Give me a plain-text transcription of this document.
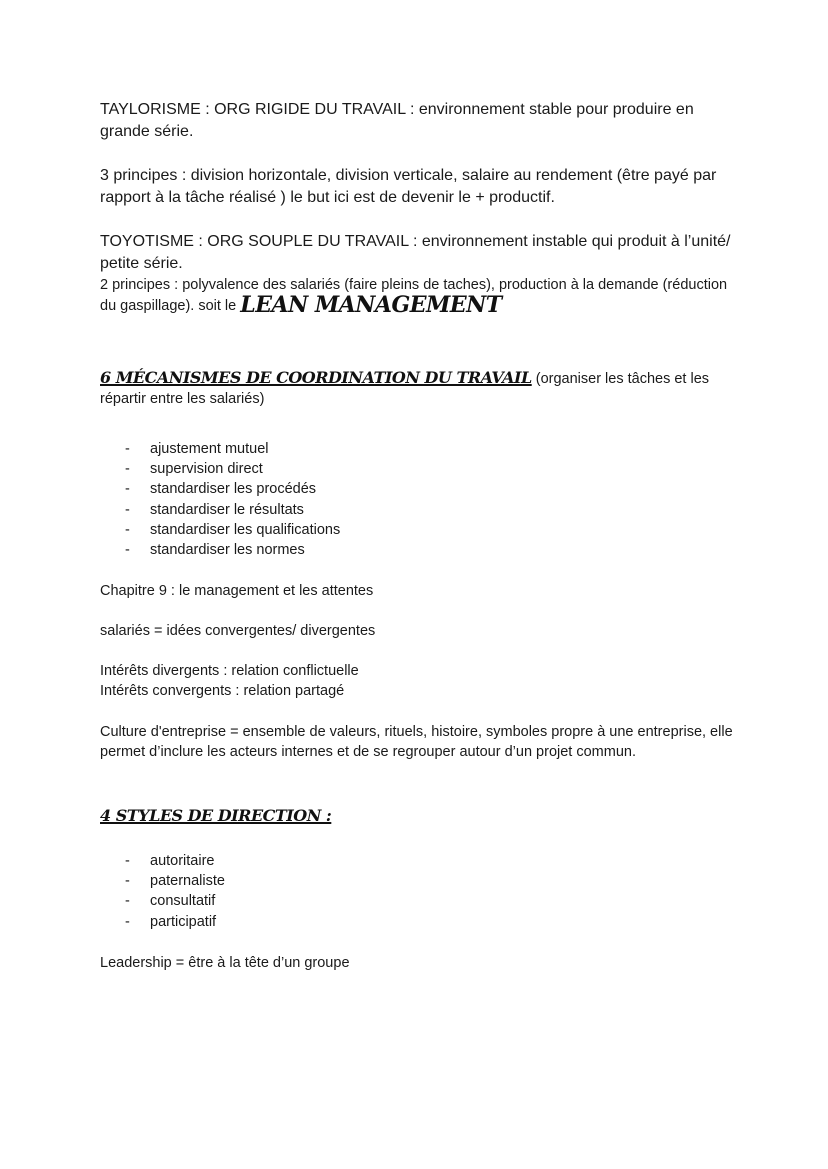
TAYLORISME : ORG RIGIDE DU TRAVAIL : environnement stable pour produire en grande série.

3 principes : division horizontale, division verticale, salaire au rendement (être payé par rapport à la tâche réalisé ) le but ici est de devenir le + productif.

TOYOTISME : ORG SOUPLE DU TRAVAIL : environnement instable qui produit à l’unité/ petite série.

2 principes : polyvalence des salariés (faire pleins de taches), production à la demande (réduction du gaspillage). soit le LEAN MANAGEMENT

6 MÉCANISMES DE COORDINATION DU TRAVAIL (organiser les tâches et les répartir entre les salariés)
- ajustement mutuel
- supervision direct
- standardiser les procédés
- standardiser le résultats
- standardiser les qualifications
- standardiser les normes

Chapitre 9 : le management et les attentes

salariés = idées convergentes/ divergentes

Intérêts divergents : relation conflictuelle

Intérêts convergents : relation partagé

Culture d'entreprise = ensemble de valeurs, rituels, histoire, symboles propre à une entreprise, elle permet d’inclure les acteurs internes et de se regrouper autour d’un projet commun.

4 STYLES DE DIRECTION :
- autoritaire
- paternaliste
- consultatif
- participatif

Leadership = être à la tête d’un groupe
